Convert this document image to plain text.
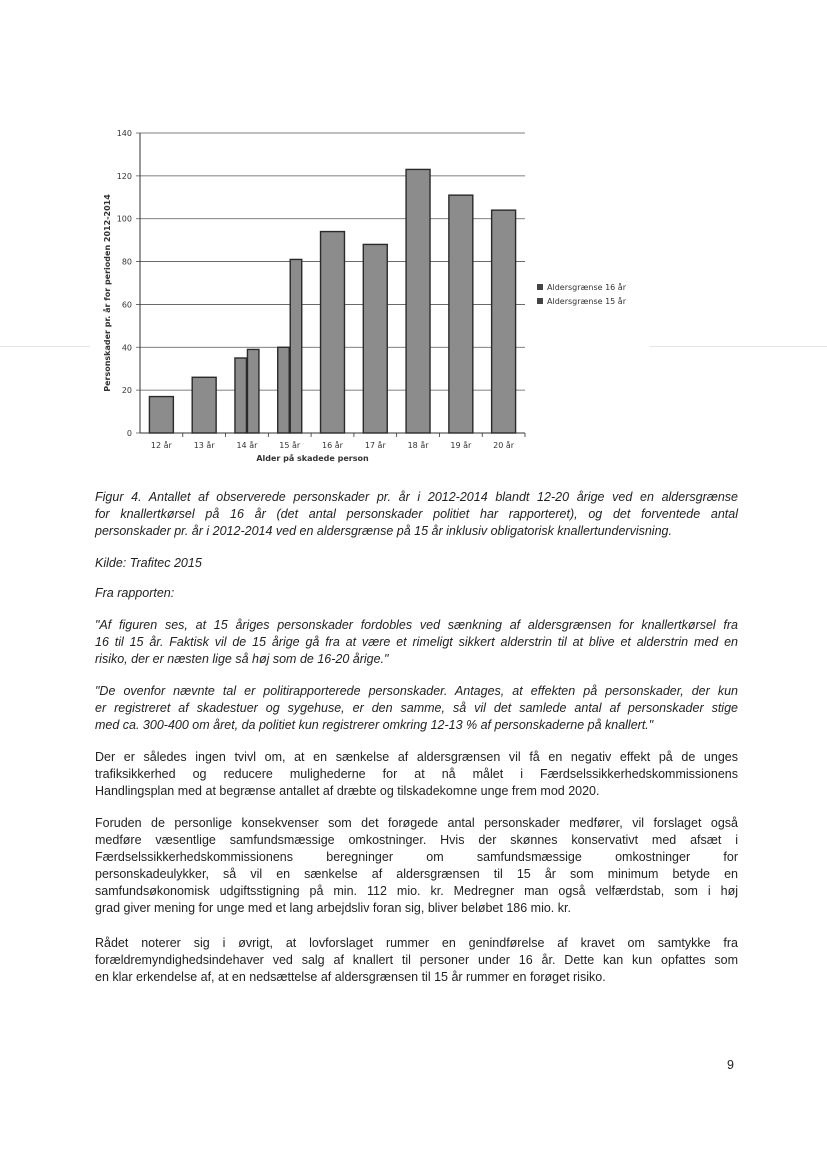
0
20
40
60
80
100
120
140
12 år	13 år	14 år	15 år	16 år	17 år	18 år	19 år	20 år
Alder på skadede person
Personskader pr. år for perioden 2012-2014	Aldersgrænse 16 år
Aldersgrænse 15 år
Figur 4. Antallet af observerede personskader pr. år i 2012-2014 blandt 12-20 årige ved en aldersgrænse
for knallertkørsel på 16 år (det antal personskader politiet har rapporteret), og det forventede antal
personskader pr. år i 2012-2014 ved en aldersgrænse på 15 år inklusiv obligatorisk knallertundervisning.
Kilde: Trafitec 2015
Fra rapporten:
"Af figuren ses, at 15 åriges personskader fordobles ved sænkning af aldersgrænsen for knallertkørsel fra
16 til 15 år. Faktisk vil de 15 årige gå fra at være et rimeligt sikkert alderstrin til at blive et alderstrin med en
risiko, der er næsten lige så høj som de 16-20 årige."
"De ovenfor nævnte tal er politirapporterede personskader. Antages, at effekten på personskader, der kun
er registreret af skadestuer og sygehuse, er den samme, så vil det samlede antal af personskader stige
med ca. 300-400 om året, da politiet kun registrerer omkring 12-13 % af personskaderne på knallert."
Der er således ingen tvivl om, at en sænkelse af aldersgrænsen vil få en negativ effekt på de unges
trafiksikkerhed og reducere mulighederne for at nå målet i Færdselssikkerhedskommissionens
Handlingsplan med at begrænse antallet af dræbte og tilskadekomne unge frem mod 2020.
Foruden de personlige konsekvenser som det forøgede antal personskader medfører, vil forslaget også
medføre væsentlige samfundsmæssige omkostninger. Hvis der skønnes konservativt med afsæt i
Færdselssikkerhedskommissionens beregninger om samfundsmæssige omkostninger for
personskadeulykker, så vil en sænkelse af aldersgrænsen til 15 år som minimum betyde en
samfundsøkonomisk udgiftsstigning på min. 112 mio. kr. Medregner man også velfærdstab, som i høj
grad giver mening for unge med et lang arbejdsliv foran sig, bliver beløbet 186 mio. kr.
Rådet noterer sig i øvrigt, at lovforslaget rummer en genindførelse af kravet om samtykke fra
forældremyndighedsindehaver ved salg af knallert til personer under 16 år. Dette kan kun opfattes som
en klar erkendelse af, at en nedsættelse af aldersgrænsen til 15 år rummer en forøget risiko.
9
